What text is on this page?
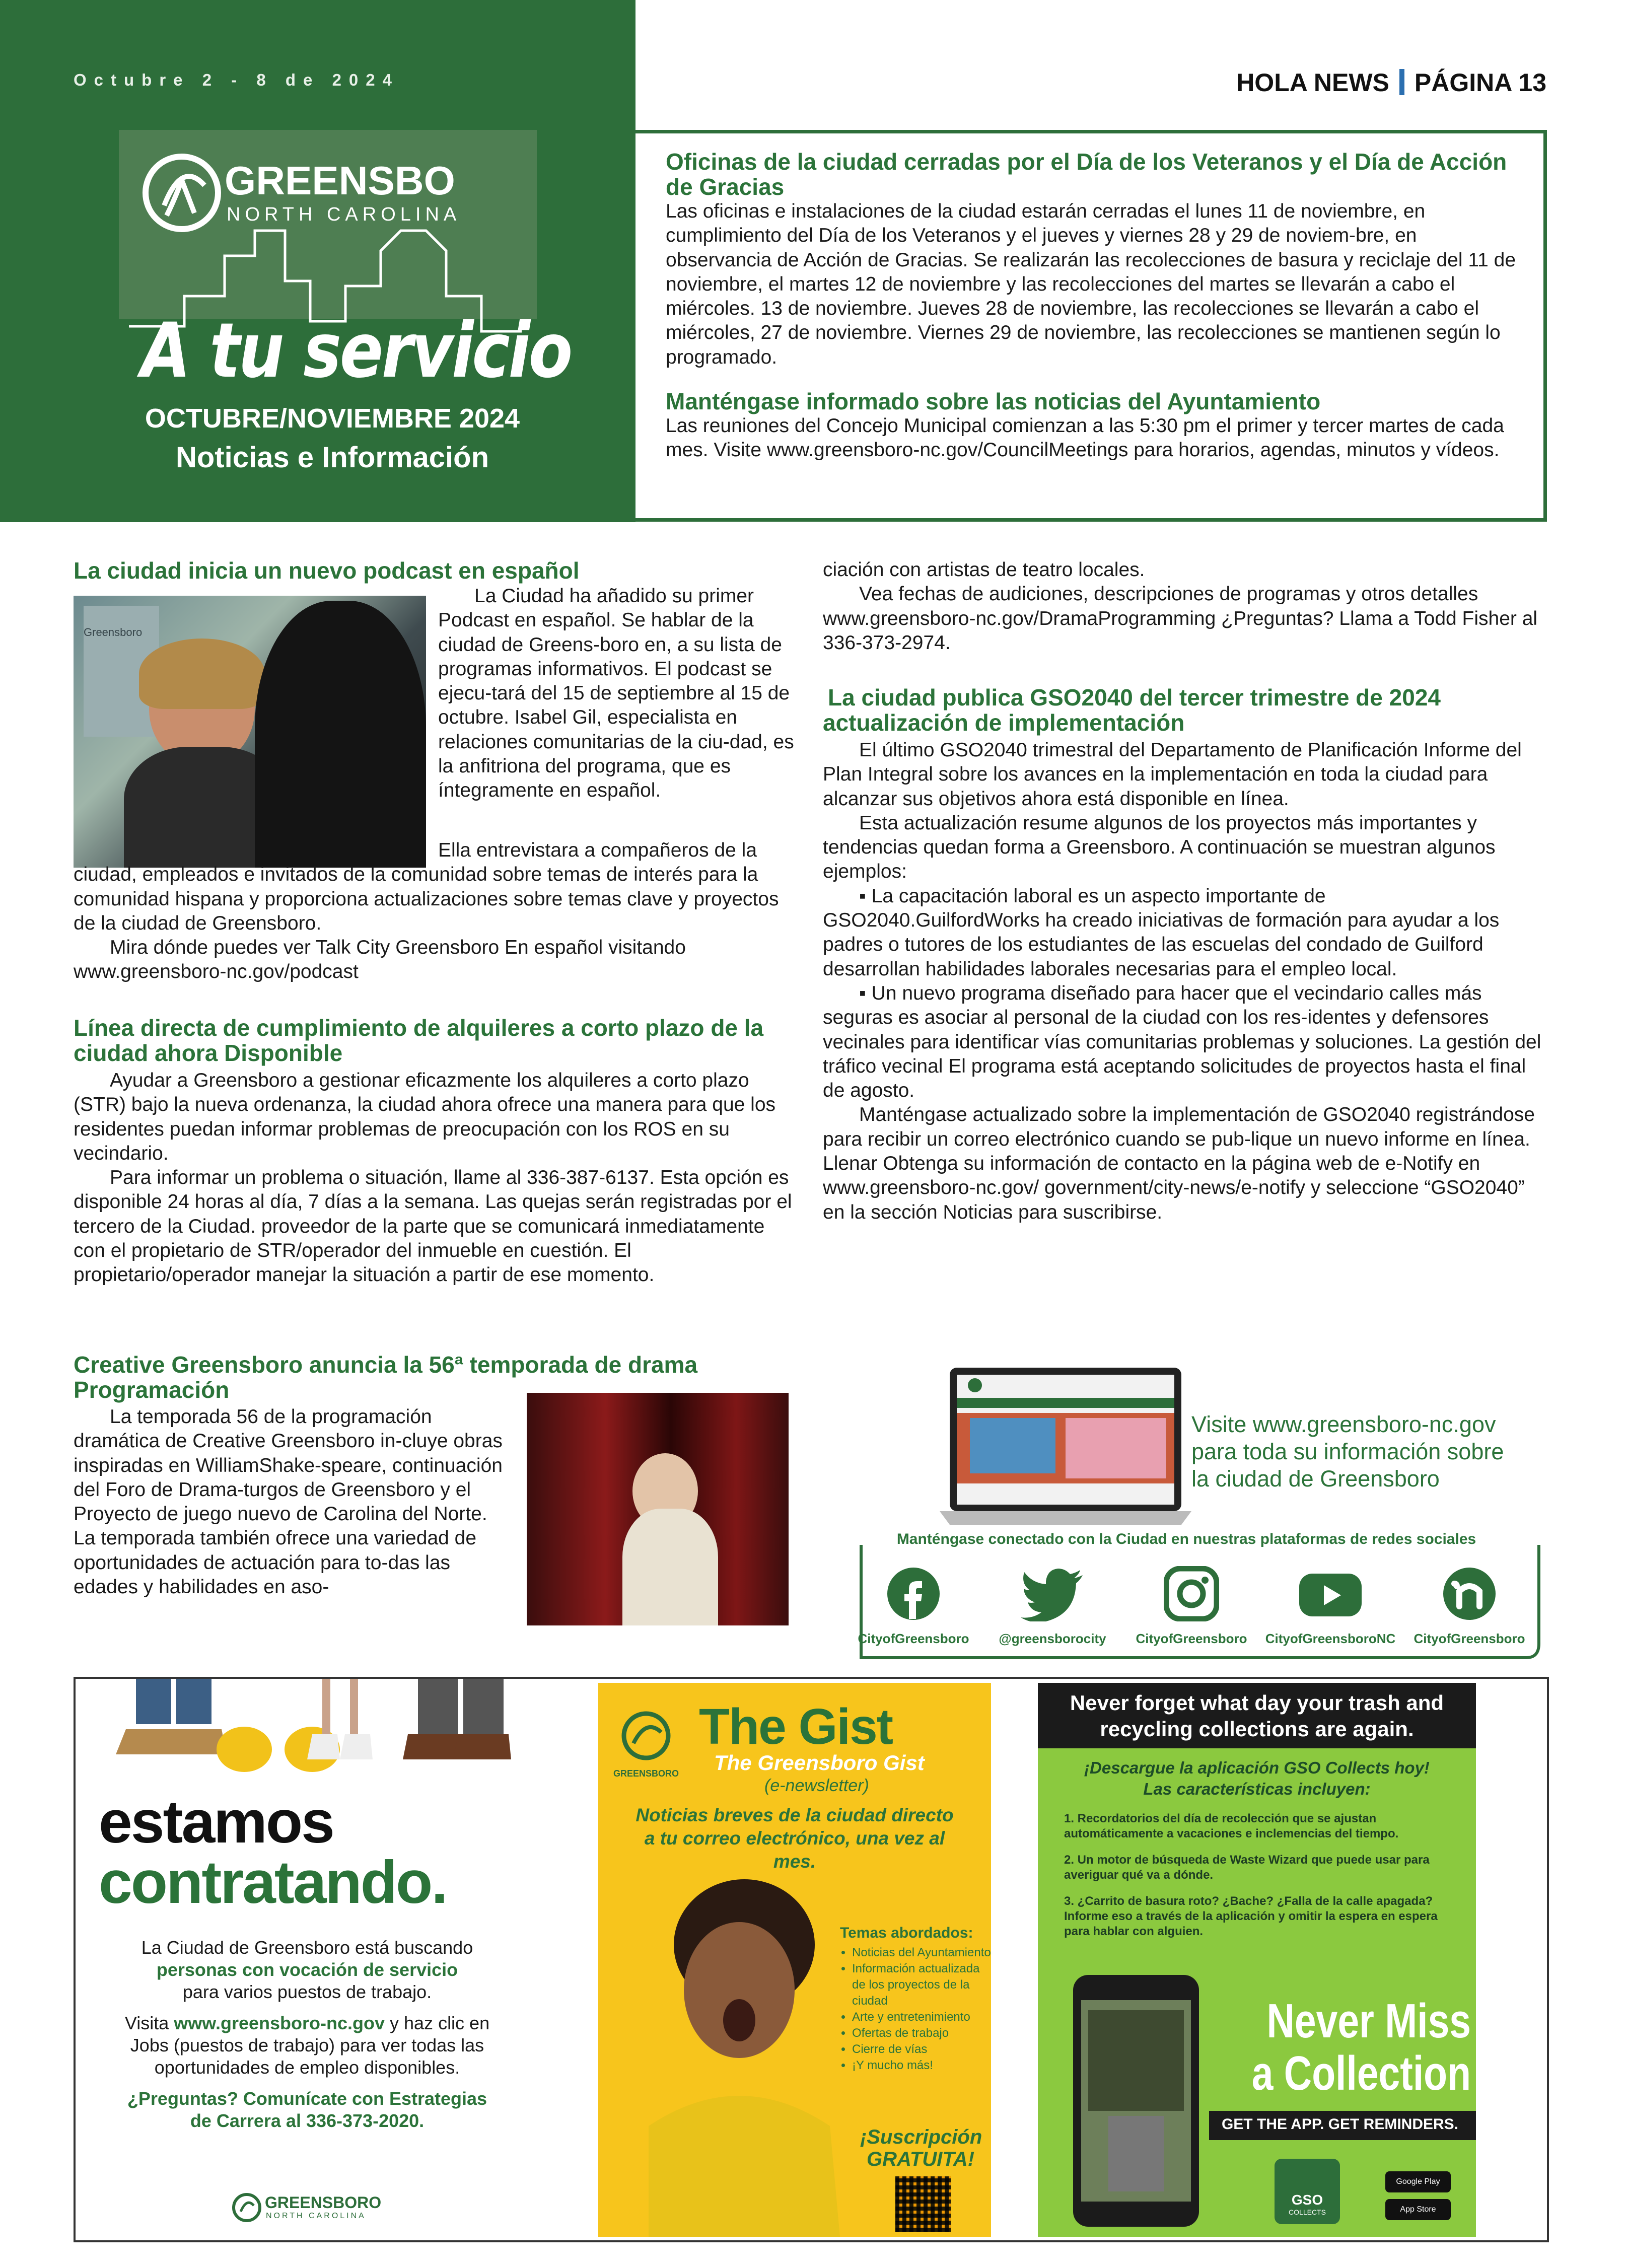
Octubre 2 - 8 de 2024	HOLA NEWS PÁGINA 13
GREENSBO
NORTH CAROLINA
A tu servicio
OCTUBRE/NOVIEMBRE 2024
Noticias e Información
Oficinas de la ciudad cerradas por el Día de los Veteranos y el Día de Acción de Gracias
Las oficinas e instalaciones de la ciudad estarán cerradas el lunes 11 de noviembre, en cumplimiento del Día de los Veteranos y el jueves y viernes 28 y 29 de noviem-bre, en observancia de Acción de Gracias. Se realizarán las recolecciones de basura y reciclaje del 11 de noviembre, el martes 12 de noviembre y las recolecciones del martes se llevarán a cabo el miércoles. 13 de noviembre. Jueves 28 de noviembre, las recolecciones se llevarán a cabo el miércoles, 27 de noviembre. Viernes 29 de noviembre, las recolecciones se mantienen según lo programado.
Manténgase informado sobre las noticias del Ayuntamiento
Las reuniones del Concejo Municipal comienzan a las 5:30 pm el primer y tercer martes de cada mes. Visite www.greensboro-nc.gov/CouncilMeetings para horarios, agendas, minutos y vídeos.
La ciudad inicia un nuevo podcast en español
Greensboro

La Ciudad ha añadido su primer Podcast en español. Se hablar de la ciudad de Greens-boro en, a su lista de programas informativos. El podcast se ejecu-tará del 15 de septiembre al 15 de octubre. Isabel Gil, especialista en relaciones comunitarias de la ciu-dad, es la anfitriona del programa, que es íntegramente en español.

Ella entrevistara a compañeros de la ciudad, empleados e invitados de la comunidad sobre temas de interés para la comunidad hispana y proporciona actualizaciones sobre temas clave y proyectos de la ciudad de Greensboro.

Mira dónde puedes ver Talk City Greensboro En español visitando www.greensboro-nc.gov/podcast

Línea directa de cumplimiento de alquileres a corto plazo de la ciudad ahora Disponible

Ayudar a Greensboro a gestionar eficazmente los alquileres a corto plazo (STR) bajo la nueva ordenanza, la ciudad ahora ofrece una manera para que los residentes puedan informar problemas de preocupación con los ROS en su vecindario.

Para informar un problema o situación, llame al 336-387-6137. Esta opción es disponible 24 horas al día, 7 días a la semana. Las quejas serán registradas por el tercero de la Ciudad. proveedor de la parte que se comunicará inmediatamente con el propietario de STR/operador del inmueble en cuestión. El propietario/operador manejar la situación a partir de ese momento.

Creative Greensboro anuncia la 56ª temporada de drama Programación

La temporada 56 de la programación dramática de Creative Greensboro in-cluye obras inspiradas en WilliamShake-speare, continuación del Foro de Drama-turgos de Greensboro y el Proyecto de juego nuevo de Carolina del Norte. La temporada también ofrece una variedad de oportunidades de actuación para to-das las edades y habilidades en aso-

ciación con artistas de teatro locales.

Vea fechas de audiciones, descripciones de programas y otros detalles www.greensboro-nc.gov/DramaProgramming ¿Preguntas? Llama a Todd Fisher al 336-373-2974.

La ciudad publica GSO2040 del tercer trimestre de 2024 actualización de implementación

El último GSO2040 trimestral del Departamento de Planificación Informe del Plan Integral sobre los avances en la implementación en toda la ciudad para alcanzar sus objetivos ahora está disponible en línea.

Esta actualización resume algunos de los proyectos más importantes y tendencias quedan forma a Greensboro. A continuación se muestran algunos ejemplos:

▪ La capacitación laboral es un aspecto importante de GSO2040.GuilfordWorks ha creado iniciativas de formación para ayudar a los padres o tutores de los estudiantes de las escuelas del condado de Guilford desarrollan habilidades laborales necesarias para el empleo local.

▪ Un nuevo programa diseñado para hacer que el vecindario calles más seguras es asociar al personal de la ciudad con los res-identes y defensores vecinales para identificar vías comunitarias problemas y soluciones. La gestión del tráfico vecinal El programa está aceptando solicitudes de proyectos hasta el final de agosto.

Manténgase actualizado sobre la implementación de GSO2040 registrándose para recibir un correo electrónico cuando se pub-lique un nuevo informe en línea. Llenar Obtenga su información de contacto en la página web de e-Notify en www.greensboro-nc.gov/ government/city-news/e-notify y seleccione “GSO2040” en la sección Noticias para suscribirse.

Visite www.greensboro-nc.gov para toda su información sobre la ciudad de Greensboro
Manténgase conectado con la Ciudad en nuestras plataformas de redes sociales
CityofGreensboro	@greensborocity	CityofGreensboro	CityofGreensboroNC	CityofGreensboro
estamos
contratando.
La Ciudad de Greensboro está buscando
personas con vocación de servicio
para varios puestos de trabajo.
Visita www.greensboro-nc.gov y haz clic en Jobs (puestos de trabajo) para ver todas las oportunidades de empleo disponibles.
¿Preguntas? Comunícate con Estrategias de Carrera al 336-373-2020.
GREENSBORO
NORTH CAROLINA
GREENSBORO
The Gist
The Greensboro Gist
(e-newsletter)
Noticias breves de la ciudad directo a tu correo electrónico, una vez al mes.
Temas abordados:
• Noticias del Ayuntamiento
• Información actualizada de los proyectos de la ciudad
• Arte y entretenimiento
• Ofertas de trabajo
• Cierre de vías
• ¡Y mucho más!
¡Suscripción GRATUITA!
Never forget what day your trash and recycling collections are again.
¡Descargue la aplicación GSO Collects hoy!
Las características incluyen:
1. Recordatorios del día de recolección que se ajustan automáticamente a vacaciones e inclemencias del tiempo.
2. Un motor de búsqueda de Waste Wizard que puede usar para averiguar qué va a dónde.
3. ¿Carrito de basura roto? ¿Bache? ¿Falla de la calle apagada? Informe eso a través de la aplicación y omitir la espera en espera para hablar con alguien.
Never Miss
a Collection
GET THE APP. GET REMINDERS.
GSO
COLLECTS
Google Play
App Store
